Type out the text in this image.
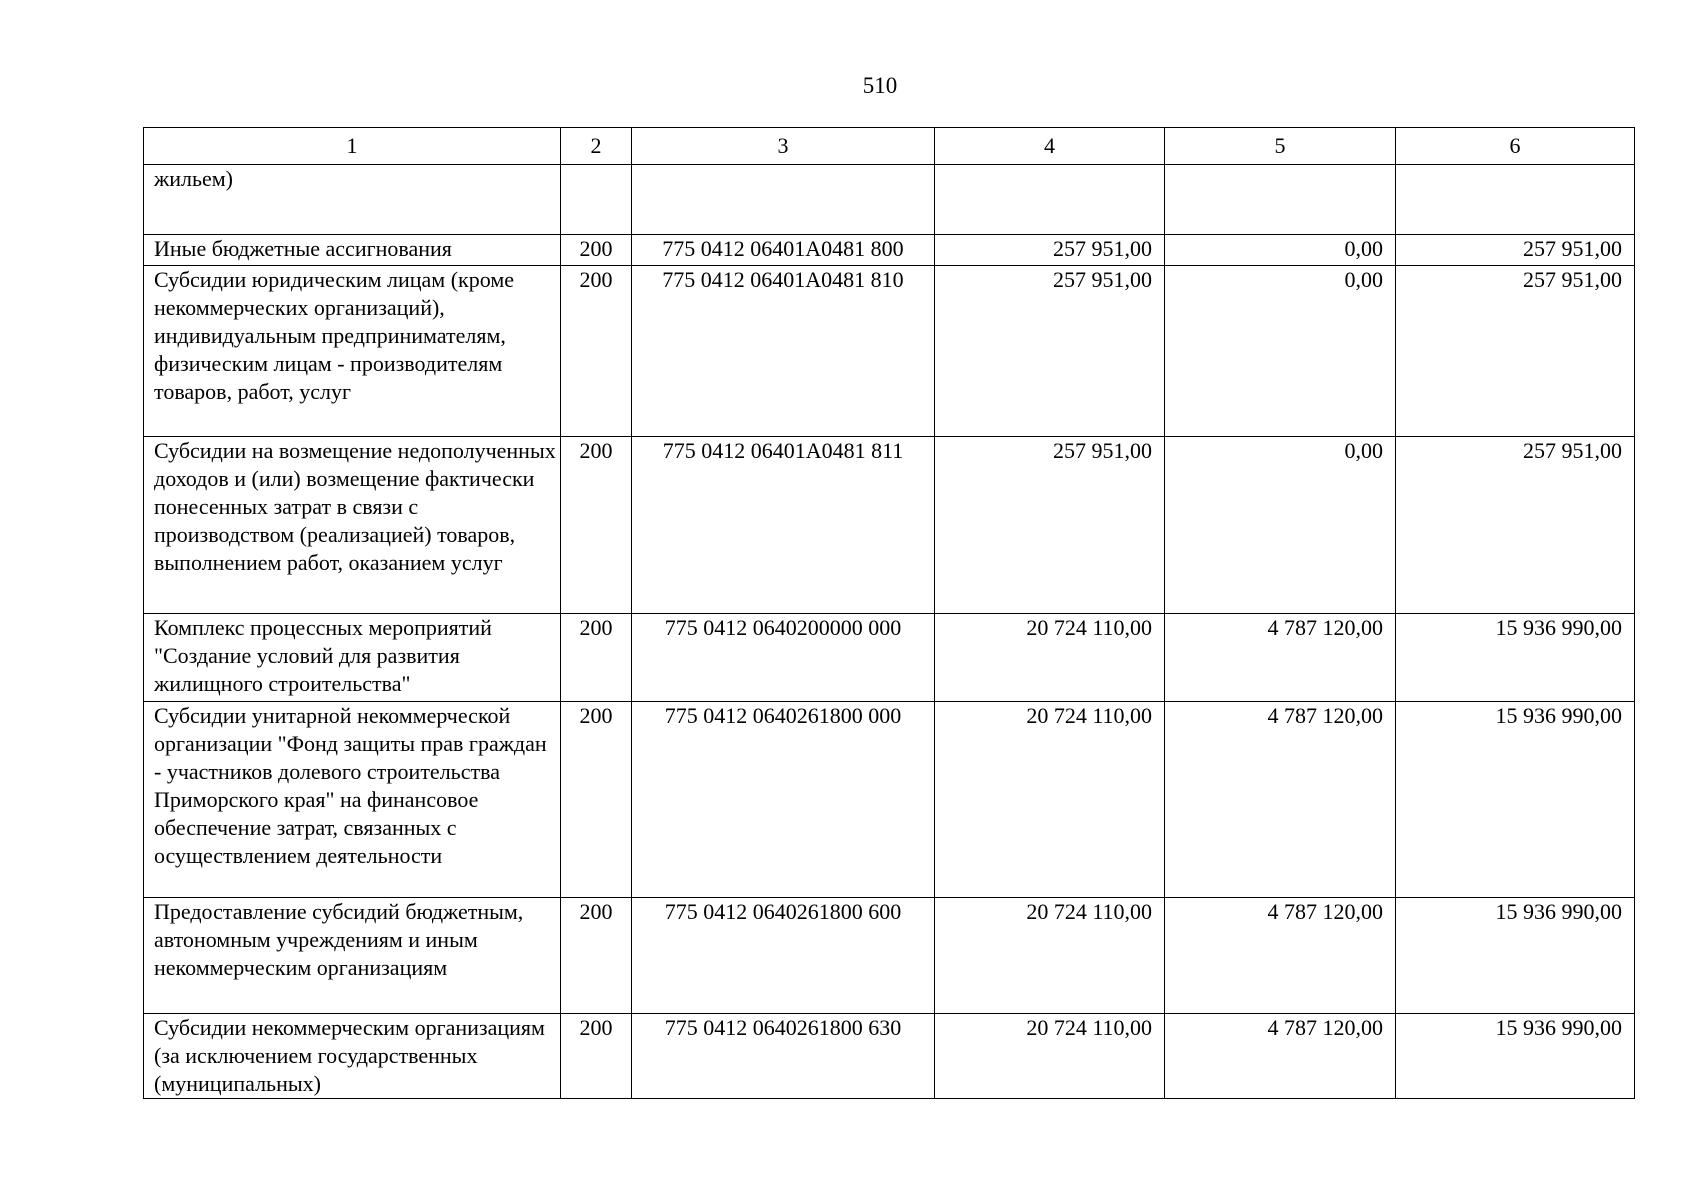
510
1	2	3	4	5	6
жильем)					
Иные бюджетные ассигнования	200	775 0412 06401A0481 800	257 951,00	0,00	257 951,00
Субсидии юридическим лицам (кроме некоммерческих организаций), индивидуальным предпринимателям, физическим лицам - производителям товаров, работ, услуг	200	775 0412 06401A0481 810	257 951,00	0,00	257 951,00
Субсидии на возмещение недополученных доходов и (или) возмещение фактически понесенных затрат в связи с производством (реализацией) товаров, выполнением работ, оказанием услуг	200	775 0412 06401A0481 811	257 951,00	0,00	257 951,00
Комплекс процессных мероприятий "Создание условий для развития жилищного строительства"	200	775 0412 0640200000 000	20 724 110,00	4 787 120,00	15 936 990,00
Субсидии унитарной некоммерческой организации "Фонд защиты прав граждан - участников долевого строительства Приморского края" на финансовое обеспечение затрат, связанных с осуществлением деятельности	200	775 0412 0640261800 000	20 724 110,00	4 787 120,00	15 936 990,00
Предоставление субсидий бюджетным, автономным учреждениям и иным некоммерческим организациям	200	775 0412 0640261800 600	20 724 110,00	4 787 120,00	15 936 990,00
Субсидии некоммерческим организациям (за исключением государственных (муниципальных)	200	775 0412 0640261800 630	20 724 110,00	4 787 120,00	15 936 990,00
